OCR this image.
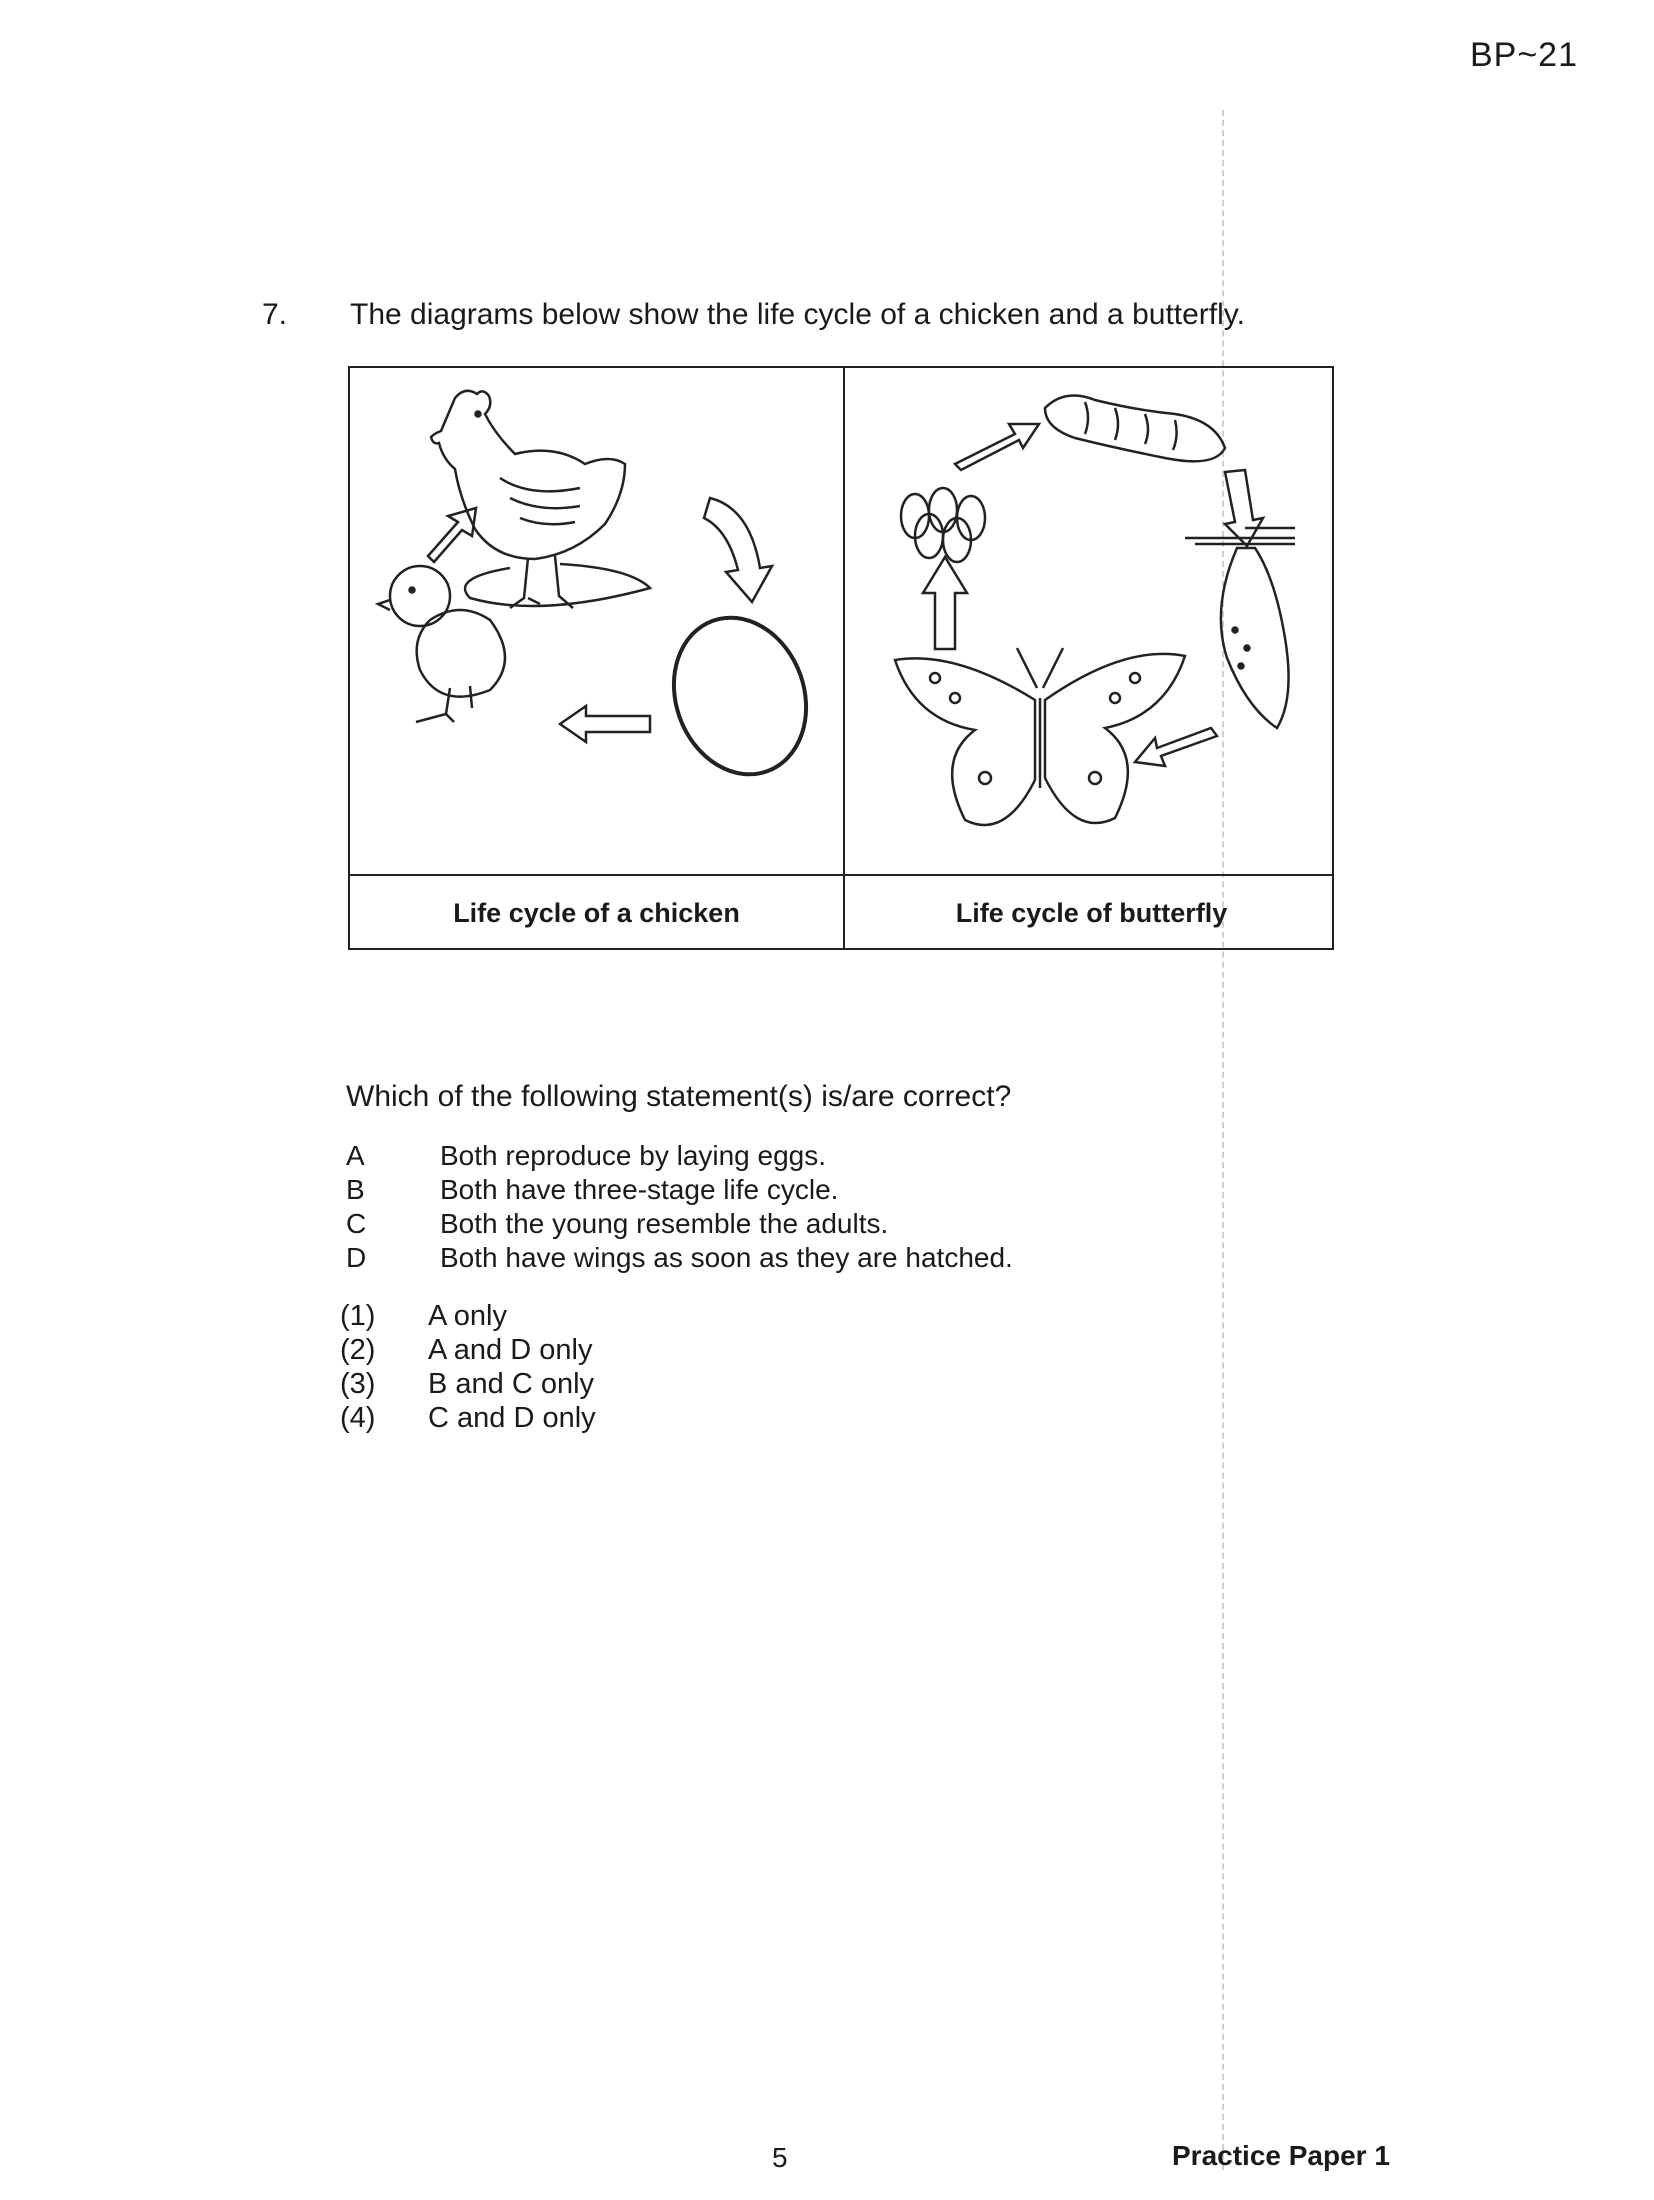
BP~21
7. The diagrams below show the life cycle of a chicken and a butterfly.
Life cycle of a chicken	Life cycle of butterfly
Which of the following statement(s) is/are correct?
A	Both reproduce by laying eggs.
B	Both have three-stage life cycle.
C	Both the young resemble the adults.
D	Both have wings as soon as they are hatched.
(1)	A only
(2)	A and D only
(3)	B and C only
(4)	C and D only
5	Practice Paper 1
